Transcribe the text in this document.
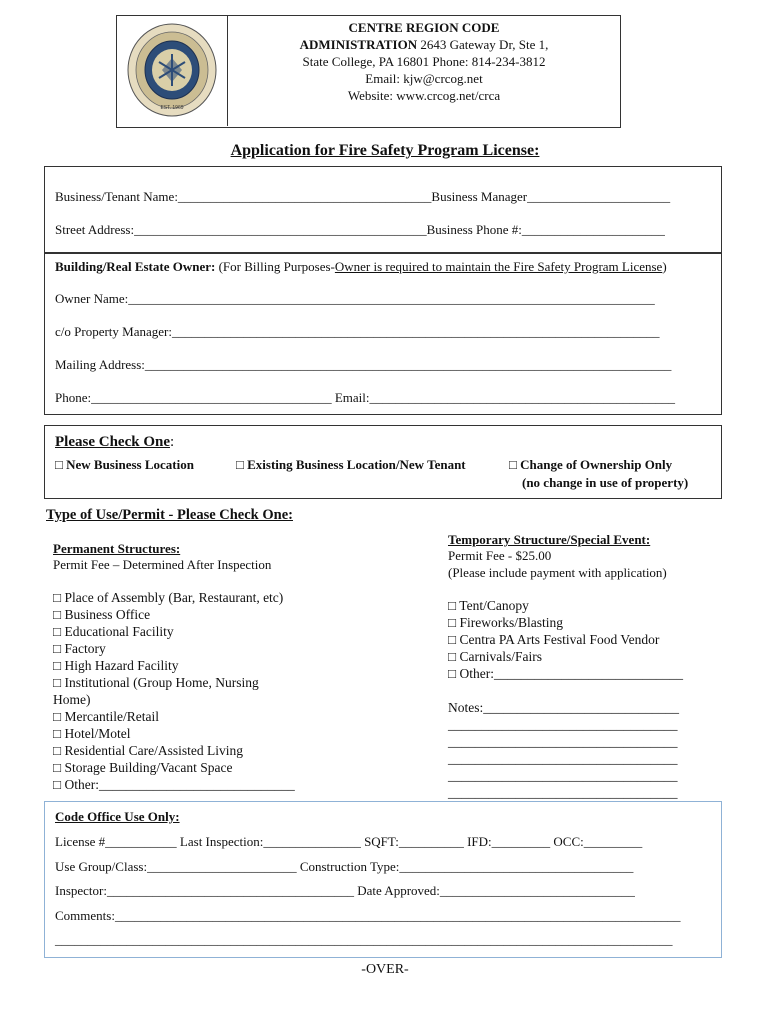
EST. 1969
CENTRE REGION CODE
ADMINISTRATION 2643 Gateway Dr, Ste 1,
State College, PA 16801 Phone: 814-234-3812
Email: kjw@crcog.net
Website: www.crcog.net/crca
Application for Fire Safety Program License:
Business/Tenant Name:_______________________________________Business Manager______________________
Street Address:_____________________________________________Business Phone #:______________________
Building/Real Estate Owner: (For Billing Purposes-Owner is required to maintain the Fire Safety Program License)
Owner Name:_________________________________________________________________________________
c/o Property Manager:___________________________________________________________________________
Mailing Address:_________________________________________________________________________________
Phone:_____________________________________ Email:_______________________________________________
Please Check One:
□ New Business Location	□ Existing Business Location/New Tenant	□ Change of Ownership Only
(no change in use of property)
Type of Use/Permit - Please Check One:
Permanent Structures:
Permit Fee – Determined After Inspection
□ Place of Assembly (Bar, Restaurant, etc)
□ Business Office
□ Educational Facility
□ Factory
□ High Hazard Facility
□ Institutional (Group Home, Nursing
Home)
□ Mercantile/Retail
□ Hotel/Motel
□ Residential Care/Assisted Living
□ Storage Building/Vacant Space
□ Other:_____________________________
Temporary Structure/Special Event:
Permit Fee - $25.00
(Please include payment with application)
□ Tent/Canopy
□ Fireworks/Blasting
□ Centra PA Arts Festival Food Vendor
□ Carnivals/Fairs
□ Other:____________________________
Notes:_____________________________
__________________________________
__________________________________
__________________________________
__________________________________
__________________________________
Code Office Use Only:
License #___________ Last Inspection:_______________ SQFT:__________ IFD:_________ OCC:_________
Use Group/Class:_______________________ Construction Type:____________________________________
Inspector:______________________________________ Date Approved:______________________________
Comments:_______________________________________________________________________________________
_______________________________________________________________________________________________
-OVER-
